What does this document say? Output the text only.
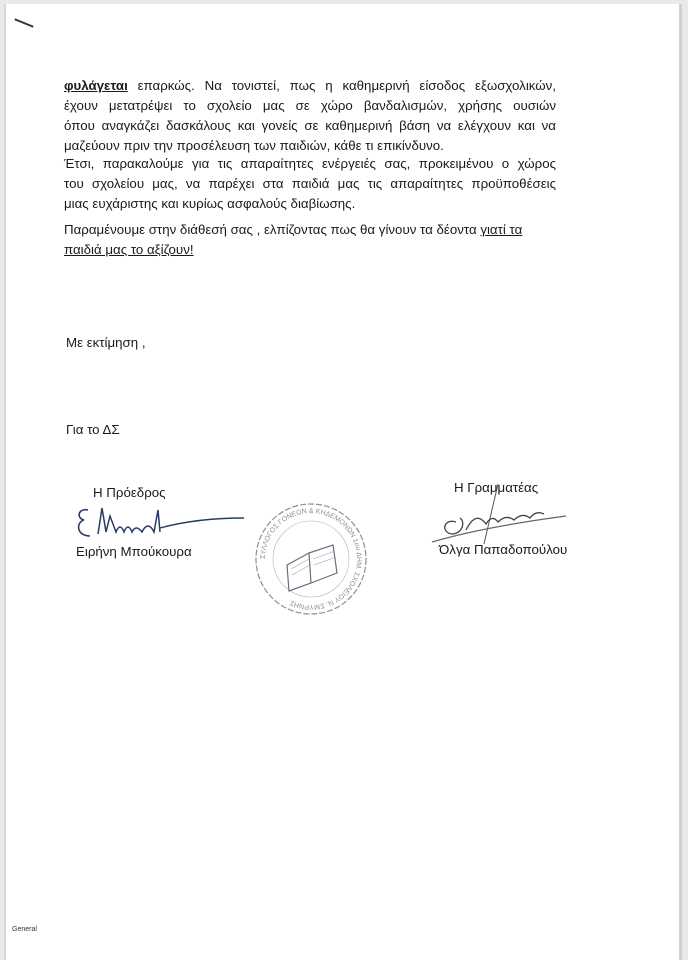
φυλάγεται επαρκώς. Να τονιστεί, πως η καθημερινή είσοδος εξωσχολικών,
έχουν μετατρέψει το σχολείο μας σε χώρο βανδαλισμών, χρήσης ουσιών
όπου αναγκάζει δασκάλους και γονείς σε καθημερινή βάση να ελέγχουν και να
μαζεύουν πριν την προσέλευση των παιδιών, κάθε τι επικίνδυνο.
Έτσι, παρακαλούμε για τις απαραίτητες ενέργειές σας, προκειμένου ο χώρος
του σχολείου μας, να παρέχει στα παιδιά μας τις απαραίτητες προϋποθέσεις
μιας ευχάριστης και κυρίως ασφαλούς διαβίωσης.
Παραμένουμε στην διάθεσή σας , ελπίζοντας πως θα γίνουν τα δέοντα γιατί τα
παιδιά μας το αξίζουν!
Με εκτίμηση ,
Για το ΔΣ
Η Πρόεδρος
Ειρήνη Μπούκουρα
Η Γραμματέας
Όλγα Παπαδοπούλου
ΣΥΛΛΟΓΟΣ ΓΟΝΕΩΝ & ΚΗΔΕΜΟΝΩΝ 1ου ΔΗΜ. ΣΧΟΛΕΙΟΥ Ν. ΣΜΥΡΝΗΣ
General
